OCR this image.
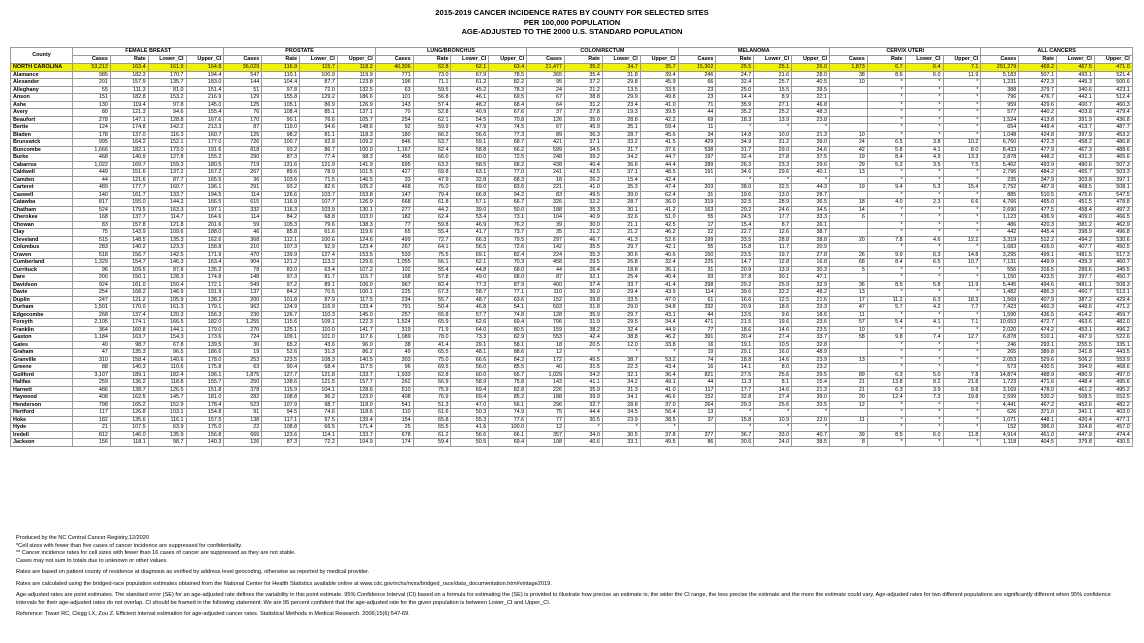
2015-2019 CANCER INCIDENCE RATES BY COUNTY FOR SELECTED SITES
PER 100,000 POPULATION
AGE-ADJUSTED TO THE 2000 U.S. STANDARD POPULATION
County	FEMALE BREAST				PROSTATE				LUNG/BRONCHUS				COLON/RECTUM				MELANOMA				CERVIX UTERI				ALL CANCERS			
	Cases	Rate	Lower_CI	Upper_CI	Cases	Rate	Lower_CI	Upper_CI	Cases	Rate	Lower_CI	Upper_CI	Cases	Rate	Lower_CI	Upper_CI	Cases	Rate	Lower_CI	Upper_CI	Cases	Rate	Lower_CI	Upper_CI	Cases	Rate	Lower_CI	Upper_CI
NORTH CAROLINA	53,212	163.4	161.9	164.8	36,029	116.9	115.7	118.2	40,306	62.8	62.1	63.4	21,477	35.2	34.7	35.7	15,302	25.5	25.1	26.0	1,873	6.7	6.4	7.1	291,279	469.2	467.5	471.0
Alamance	985	182.3	170.7	194.4	547	110.1	100.9	119.9	771	73.0	67.9	78.5	365	35.4	31.8	39.4	246	24.7	21.6	28.0	38	8.6	6.0	11.9	5,183	507.1	493.1	521.4
Alexander	201	157.9	135.7	183.0	144	104.4	87.7	123.8	196	71.1	61.2	82.2	95	37.2	29.8	45.9	66	32.4	25.7	40.5	10	*	*	*	1,231	472.3	445.3	500.6
Alleghany	55	111.3	81.0	151.4	51	97.8	72.0	132.5	63	59.5	45.2	78.3	24	21.2	13.5	33.5	23	25.0	15.5	39.5		*	*	*	388	379.7	340.6	423.1
Anson	151	182.8	153.2	216.9	129	155.8	129.2	186.6	101	56.8	46.1	69.5	67	38.8	29.9	49.8	23	14.4	8.9	22.1		*	*	*	796	476.7	442.1	512.4
Ashe	130	119.4	97.8	145.0	125	105.1	86.9	126.9	143	57.4	48.2	68.4	64	31.2	23.4	41.0	71	35.9	27.1	46.8		*	*	*	959	429.6	400.7	460.3
Avery	80	121.3	94.6	155.4	76	108.4	85.1	137.1	70	52.8	40.9	67.6	37	27.8	19.3	39.5	44	35.2	25.2	48.3		*	*	*	577	440.2	403.8	479.4
Beaufort	278	147.1	128.8	167.6	170	90.1	76.6	105.7	254	62.1	54.5	70.8	126	35.0	28.8	42.2	69	18.3	13.9	23.8		*	*	*	1,524	413.8	391.9	436.8
Bertie	124	174.8	142.2	213.3	87	119.0	94.6	148.6	92	59.9	47.9	74.5	67	45.9	35.1	59.4	11	*	*	*		*	*	*	654	449.4	413.7	487.7
Bladen	178	137.0	116.3	160.7	125	98.2	81.1	118.3	180	66.2	56.6	77.3	89	36.3	28.7	45.6	34	14.8	10.0	21.3	10	*	*	*	1,048	424.8	397.9	453.2
Brunswick	995	164.2	152.1	177.0	726	100.7	92.9	109.2	846	63.7	59.1	68.7	421	37.1	33.2	41.5	429	34.9	31.2	39.0	24	6.5	3.8	10.2	6,760	472.3	458.2	486.8
Buncombe	1,666	182.1	173.0	191.6	818	93.2	86.7	100.0	1,167	62.4	58.8	66.2	599	34.5	31.7	37.6	538	31.7	29.0	34.6	42	5.8	4.1	8.0	8,433	477.9	467.3	488.6
Burke	468	140.9	127.8	155.2	290	87.3	77.4	98.3	456	66.0	60.0	72.5	248	39.2	34.2	44.7	197	32.4	27.8	37.5	19	8.4	4.9	13.3	2,878	448.2	431.3	465.6
Cabarrus	1,022	169.7	159.3	180.5	719	131.6	121.9	141.9	695	63.2	58.5	68.2	438	40.4	36.6	44.4	289	26.3	23.3	29.6	29	5.2	3.5	7.5	5,462	493.9	480.6	507.3
Caldwell	449	151.6	137.2	167.2	267	89.6	78.9	101.5	427	69.8	63.1	77.0	241	42.5	37.1	48.5	191	34.6	29.6	40.1	13	*	*	*	2,796	484.2	465.7	503.3
Camden	44	121.6	87.7	165.5	36	103.6	71.5	146.5	33	47.9	32.8	68.3	18	26.2	15.4	42.4		*	*	*		*	*	*	235	347.9	303.8	397.1
Carteret	489	177.7	160.7	196.1	291	93.2	82.6	105.2	468	76.0	69.0	83.6	221	41.0	35.3	47.4	203	38.0	32.5	44.3	19	9.4	5.3	15.4	2,752	487.9	468.5	508.1
Caswell	140	161.7	133.7	194.5	114	126.6	103.7	153.8	147	79.4	66.8	94.2	83	49.5	39.0	62.4	31	19.6	13.0	28.7		*	*	*	885	510.5	475.6	547.5
Catawba	817	155.0	144.2	166.5	615	116.9	107.7	126.9	668	61.8	57.1	66.7	326	32.2	28.7	36.0	319	32.5	28.9	36.5	18	4.0	2.3	6.6	4,766	465.0	451.5	478.8
Chatham	524	179.5	163.3	197.1	332	116.3	103.9	130.1	277	44.2	39.0	50.0	188	35.3	30.1	41.2	163	29.2	24.6	34.5	14	*	*	*	2,690	477.5	458.4	497.3
Cherokee	168	137.7	114.7	164.6	114	84.2	68.8	103.0	182	62.4	53.4	73.1	104	40.9	32.6	51.0	55	24.5	17.7	33.3	6	*	*	*	1,123	436.9	409.0	466.5
Chowan	83	157.8	121.8	201.6	59	105.3	79.6	138.3	77	59.8	46.9	76.2	39	30.0	21.1	42.5	17	15.4	8.7	26.1		*	*	*	486	420.3	381.2	462.9
Clay	75	143.9	109.6	188.0	46	85.8	61.6	119.6	65	55.4	41.7	73.7	35	31.2	21.2	46.2	22	22.7	12.6	38.7		*	*	*	442	445.4	398.9	496.8
Cleveland	515	148.5	135.3	162.6	368	112.1	100.6	124.6	499	72.7	66.3	79.5	297	46.7	41.3	52.6	199	33.5	28.8	38.8	20	7.8	4.6	12.2	3,319	512.2	494.2	530.6
Columbus	283	140.2	123.3	158.8	210	107.3	92.9	123.4	267	64.1	56.5	72.6	142	35.5	29.7	42.1	55	15.8	11.7	20.9		*	*	*	1,683	426.0	407.7	450.5
Craven	518	156.7	142.5	171.9	470	139.9	127.4	153.5	533	75.5	69.1	82.4	224	35.3	30.6	40.6	150	23.5	19.7	27.8	26	9.9	6.3	14.8	3,295	499.1	481.5	517.3
Cumberland	1,329	154.7	146.3	163.4	904	121.2	113.2	129.6	1,055	66.1	62.1	70.3	458	29.5	26.8	32.4	225	14.7	12.8	16.8	68	8.4	6.5	10.7	7,131	449.9	439.3	460.7
Currituck	96	109.5	87.8	135.2	78	83.0	63.4	107.2	102	55.4	44.8	68.0	44	26.4	18.8	36.1	31	20.9	13.9	30.3	5	*	*	*	556	316.5	289.6	345.5
Dare	200	150.1	128.3	174.8	148	97.3	81.7	115.7	168	57.8	49.0	68.0	87	32.1	25.4	40.4	93	37.8	30.1	47.1		*	*	*	1,150	423.5	397.7	450.7
Davidson	924	161.0	150.4	172.1	549	97.2	89.1	106.0	967	82.4	77.3	87.9	400	37.4	33.7	41.4	298	29.2	25.9	32.9	36	8.5	5.8	11.9	5,445	494.6	481.1	508.3
Davie	254	168.2	146.9	191.9	137	84.2	70.5	100.1	225	67.3	58.7	77.1	110	36.0	29.4	43.9	114	39.6	32.2	48.2	13	*	*	*	1,482	486.3	460.7	513.1
Duplin	247	121.2	105.9	138.2	200	101.8	87.9	117.5	234	55.7	48.7	63.6	152	39.8	33.5	47.0	61	16.6	12.5	21.6	17	11.2	6.3	18.3	1,569	407.9	387.2	429.4
Durham	1,501	170.0	161.3	179.1	962	124.9	116.9	133.4	791	50.4	46.8	54.1	503	31.8	29.0	34.8	332	20.9	18.6	23.3	47	5.7	4.2	7.7	7,423	460.3	449.6	471.2
Edgecombe	268	137.4	120.3	156.3	230	126.7	110.3	145.0	257	65.8	57.7	74.8	128	35.9	29.7	43.1	44	13.5	9.6	18.6	11	*	*	*	1,590	436.5	414.2	459.7
Forsyth	2,105	174.1	166.5	182.0	1,255	115.6	109.1	122.3	1,524	65.9	62.6	69.4	706	31.9	29.5	34.4	471	21.5	19.6	23.6	57	5.4	4.1	7.1	10,653	472.7	463.6	482.0
Franklin	364	160.8	144.1	179.0	270	125.1	110.0	141.7	319	71.9	64.0	80.5	159	38.2	32.4	44.9	77	18.6	14.6	23.5	10	*	*	*	2,020	474.2	453.1	496.2
Gaston	1,184	163.7	154.3	173.6	724	109.1	101.0	117.6	1,089	78.0	73.3	82.9	553	42.4	38.8	46.2	391	30.4	27.4	33.7	58	9.8	7.4	12.7	6,878	510.1	497.9	522.6
Gates	40	98.7	67.8	139.5	30	65.2	43.6	96.0	38	41.4	29.1	58.1	18	20.5	12.0	33.8	16	19.1	10.5	32.8		*	*	*	246	293.1	255.5	335.1
Graham	47	135.3	96.5	186.6	19	52.6	31.3	86.2	49	65.5	48.1	88.6	12	*	*	*	19	29.1	16.0	48.9		*	*	*	265	389.8	341.8	443.5
Granville	310	158.4	140.6	178.0	253	123.5	108.3	140.5	303	75.0	66.6	84.2	172	45.5	38.7	53.2	74	18.8	14.6	23.9	13	*	*	*	2,053	529.6	506.2	553.9
Greene	88	140.3	110.6	175.8	63	90.4	68.4	117.5	96	69.5	56.0	85.5	40	31.5	22.3	43.4	16	14.1	8.0	23.2		*	*	*	573	430.5	394.9	468.6
Guilford	3,107	189.1	182.4	196.1	1,875	127.7	121.8	133.7	1,933	62.8	60.0	65.7	1,029	34.2	32.1	36.4	821	27.5	25.6	29.5	89	6.3	5.0	7.8	14,874	488.9	480.9	497.0
Halifax	259	136.2	118.8	155.7	250	138.6	121.5	157.7	262	66.9	58.9	75.8	143	41.1	34.2	49.1	44	11.3	8.1	15.4	21	13.8	8.2	21.8	1,723	471.6	448.4	495.6
Harnett	486	138.7	126.5	151.8	378	115.9	104.1	128.6	510	75.9	69.4	82.8	226	35.9	31.3	41.0	117	17.7	14.6	21.3	21	6.3	3.9	9.8	3,169	478.0	461.2	495.2
Haywood	408	162.5	145.7	181.0	282	108.8	96.2	123.0	408	76.9	69.4	85.2	188	39.9	34.1	46.6	152	32.8	27.4	39.0	20	12.4	7.3	19.8	2,599	530.2	508.5	552.5
Henderson	798	165.2	152.9	178.4	523	107.9	98.7	118.0	541	51.3	47.0	56.1	296	32.7	28.8	37.0	264	29.3	25.6	33.5	12	*	*	*	4,441	467.2	452.6	482.2
Hertford	117	126.8	103.1	154.8	91	94.5	74.6	118.6	110	61.6	50.3	74.9	75	44.4	34.5	56.4	13	*	*	*		*	*	*	626	371.0	341.1	403.0
Hoke	182	135.6	116.1	157.5	138	117.1	97.5	139.4	154	65.8	55.3	77.6	77	30.5	23.9	38.5	37	15.8	10.9	22.0	11	*	*	*	1,071	448.1	420.4	477.1
Hyde	21	107.5	63.9	175.0	22	108.8	66.5	171.4	25	65.5	41.6	100.0	12	*	*	*		*	*	*		*	*	*	152	386.0	324.8	457.0
Iredell	812	146.0	135.9	156.8	666	123.6	114.1	133.7	678	61.2	56.6	66.1	357	34.0	30.5	37.8	377	36.7	33.0	40.7	39	8.5	6.0	11.8	4,914	461.0	447.9	474.4
Jackson	156	118.1	98.7	140.3	126	87.3	72.2	104.9	174	59.4	50.5	69.4	108	40.6	33.1	49.5	86	30.6	24.0	38.5	8	*	*	*	1,118	404.5	379.8	430.5
Produced by the NC Central Cancer Registry,12/2020
*Cell sizes with fewer than five cases of cancer incidence are suppressed for confidentiality.
** Cancer incidence rates for cell sizes with fewer than 16 cases of cancer are suppressed as they are not stable.
Cases may not sum to totals due to unknown or other values.
Rates are based on patient county of residence at diagnosis as verified by address level geocoding, otherwise as reported by medical provider.
Rates are calculated using the bridged-race population estimates obtained from the National Center for Health Statistics available online at www.cdc.gov/nchs/nvss/bridged_race/data_documentation.htm#vintage2019.
Age-adjusted rates are point estimates. The standard error (SE) for an age-adjusted rate defines the variability in this point estimate. 95% Confidence Interval (CI) based on a formula for estimating the (SE) is provided to illustrate how precise an estimate is; the wider the CI range, the less precise the estimate and the more the estimate could vary. Age-adjusted rates for two different populations are significantly different when 95% confidence intervals for their age-adjusted rates do not overlap. CI should be framed in the following statement: We are 95 percent confident that the age-adjusted rate for the given population is between Lower_CI and Upper_CI.
Reference: Tiwari RC, Clegg LX, Zou Z. Efficient interval estimation for age-adjusted cancer rates. Statistical Methods in Medical Research. 2006;15(6):547-69.
